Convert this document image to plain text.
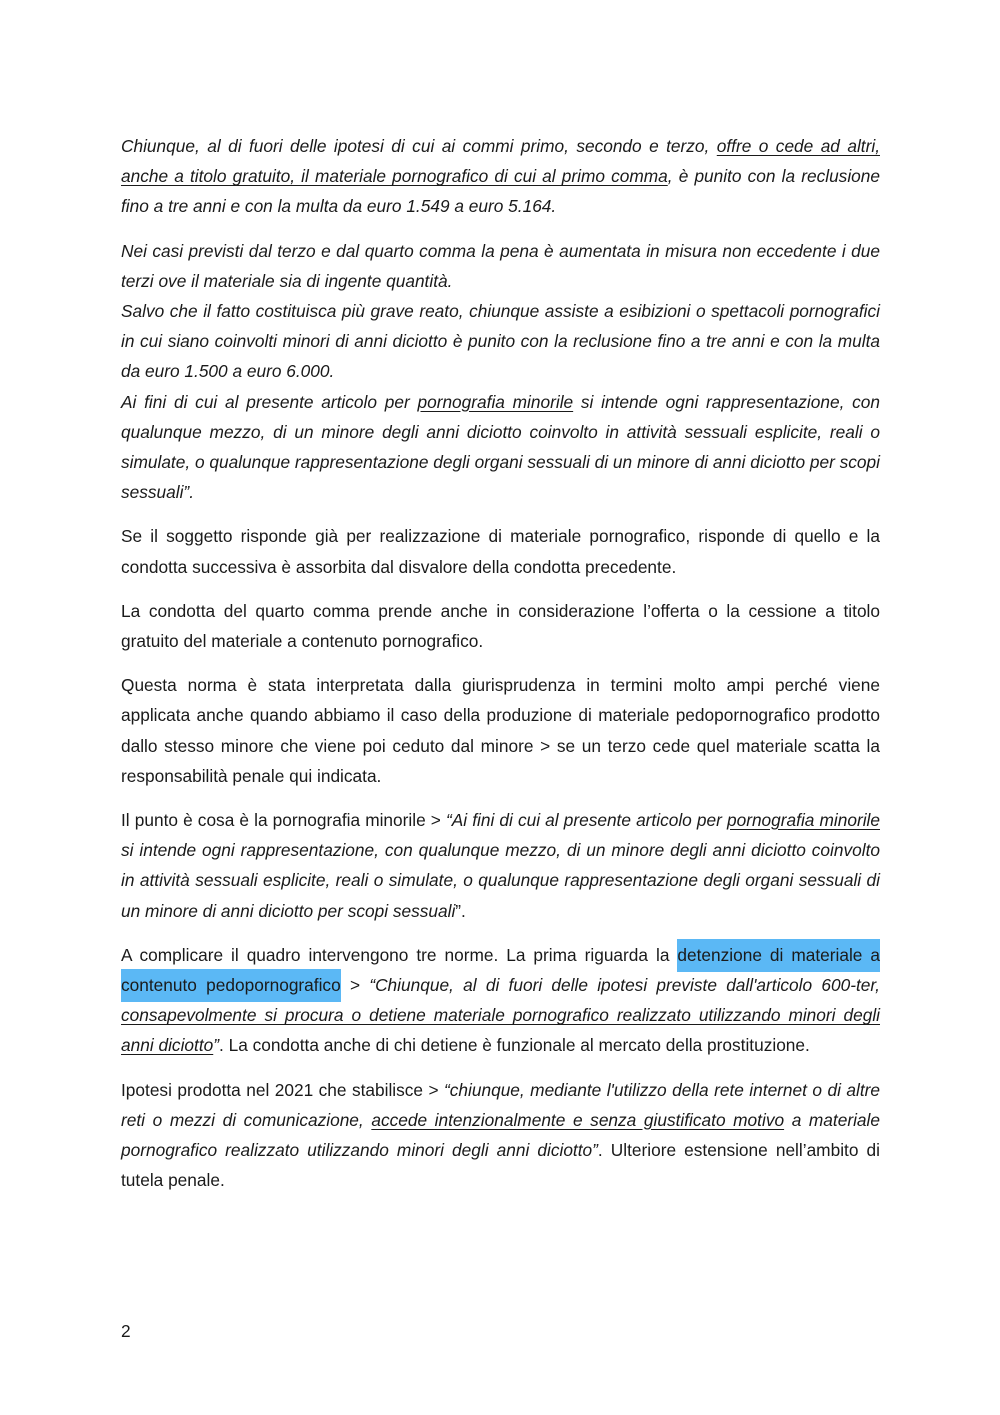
Chiunque, al di fuori delle ipotesi di cui ai commi primo, secondo e terzo, offre o cede ad altri, anche a titolo gratuito, il materiale pornografico di cui al primo comma, è punito con la reclusione fino a tre anni e con la multa da euro 1.549 a euro 5.164.

Nei casi previsti dal terzo e dal quarto comma la pena è aumentata in misura non eccedente i due terzi ove il materiale sia di ingente quantità.
Salvo che il fatto costituisca più grave reato, chiunque assiste a esibizioni o spettacoli pornografici in cui siano coinvolti minori di anni diciotto è punito con la reclusione fino a tre anni e con la multa da euro 1.500 a euro 6.000.
Ai fini di cui al presente articolo per pornografia minorile si intende ogni rappresentazione, con qualunque mezzo, di un minore degli anni diciotto coinvolto in attività sessuali esplicite, reali o simulate, o qualunque rappresentazione degli organi sessuali di un minore di anni diciotto per scopi sessuali”.

Se il soggetto risponde già per realizzazione di materiale pornografico, risponde di quello e la condotta successiva è assorbita dal disvalore della condotta precedente.

La condotta del quarto comma prende anche in considerazione l’offerta o la cessione a titolo gratuito del materiale a contenuto pornografico.

Questa norma è stata interpretata dalla giurisprudenza in termini molto ampi perché viene applicata anche quando abbiamo il caso della produzione di materiale pedopornografico prodotto dallo stesso minore che viene poi ceduto dal minore > se un terzo cede quel materiale scatta la responsabilità penale qui indicata.

Il punto è cosa è la pornografia minorile > “Ai fini di cui al presente articolo per pornografia minorile si intende ogni rappresentazione, con qualunque mezzo, di un minore degli anni diciotto coinvolto in attività sessuali esplicite, reali o simulate, o qualunque rappresentazione degli organi sessuali di un minore di anni diciotto per scopi sessuali”.

A complicare il quadro intervengono tre norme. La prima riguarda la detenzione di materiale a contenuto pedopornografico > “Chiunque, al di fuori delle ipotesi previste dall'articolo 600-ter, consapevolmente si procura o detiene materiale pornografico realizzato utilizzando minori degli anni diciotto”. La condotta anche di chi detiene è funzionale al mercato della prostituzione.

Ipotesi prodotta nel 2021 che stabilisce > “chiunque, mediante l'utilizzo della rete internet o di altre reti o mezzi di comunicazione, accede intenzionalmente e senza giustificato motivo a materiale pornografico realizzato utilizzando minori degli anni diciotto”. Ulteriore estensione nell’ambito di tutela penale.

2
